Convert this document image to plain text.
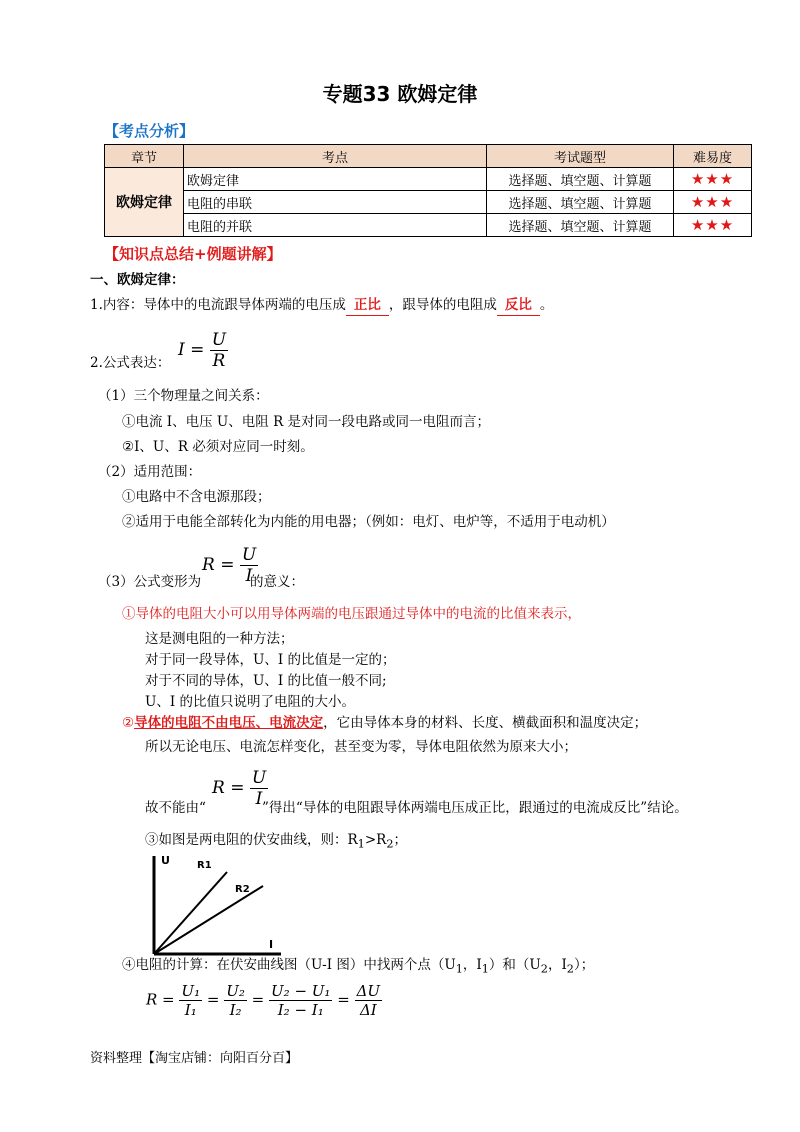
专题33 欧姆定律
【考点分析】
章节	考点	考试题型	难易度
欧姆定律	欧姆定律	选择题、填空题、计算题	★★★
	电阻的串联	选择题、填空题、计算题	★★★
	电阻的并联	选择题、填空题、计算题	★★★
【知识点总结+例题讲解】
一、欧姆定律：
1.内容：导体中的电流跟导体两端的电压成 正比 ，跟导体的电阻成 反比 。
2.公式表达：
$I = \frac{U}{R}$
（1）三个物理量之间关系：
①电流 I、电压 U、电阻 R 是对同一段电路或同一电阻而言；
②I、U、R 必须对应同一时刻。
（2）适用范围：
①电路中不含电源那段；
②适用于电能全部转化为内能的用电器；（例如：电灯、电炉等，不适用于电动机）
（3）公式变形为
$R = \frac{U}{I}$
的意义：
①导体的电阻大小可以用导体两端的电压跟通过导体中的电流的比值来表示，
这是测电阻的一种方法；
对于同一段导体，U、I 的比值是一定的；
对于不同的导体，U、I 的比值一般不同;
U、I 的比值只说明了电阻的大小。
②导体的电阻不由电压、电流决定，它由导体本身的材料、长度、横截面积和温度决定；
所以无论电压、电流怎样变化，甚至变为零，导体电阻依然为原来大小；
故不能由“
$R = \frac{U}{I}$
”得出“导体的电阻跟导体两端电压成正比，跟通过的电流成反比”结论。
③如图是两电阻的伏安曲线，则：$R_1>R_2$；
U
I
R1
R2
④电阻的计算：在伏安曲线图（U-I 图）中找两个点（$U_1$，$I_1$）和（$U_2$，$I_2$）；
$R = \frac{\text{U₁}}{\text{I₁}} = \frac{\text{U₂}}{\text{I₂}} = \frac{\text{U₂ − U₁}}{\text{I₂ − I₁}} = \frac{\Delta U}{\Delta I}$
资料整理【淘宝店铺：向阳百分百】
